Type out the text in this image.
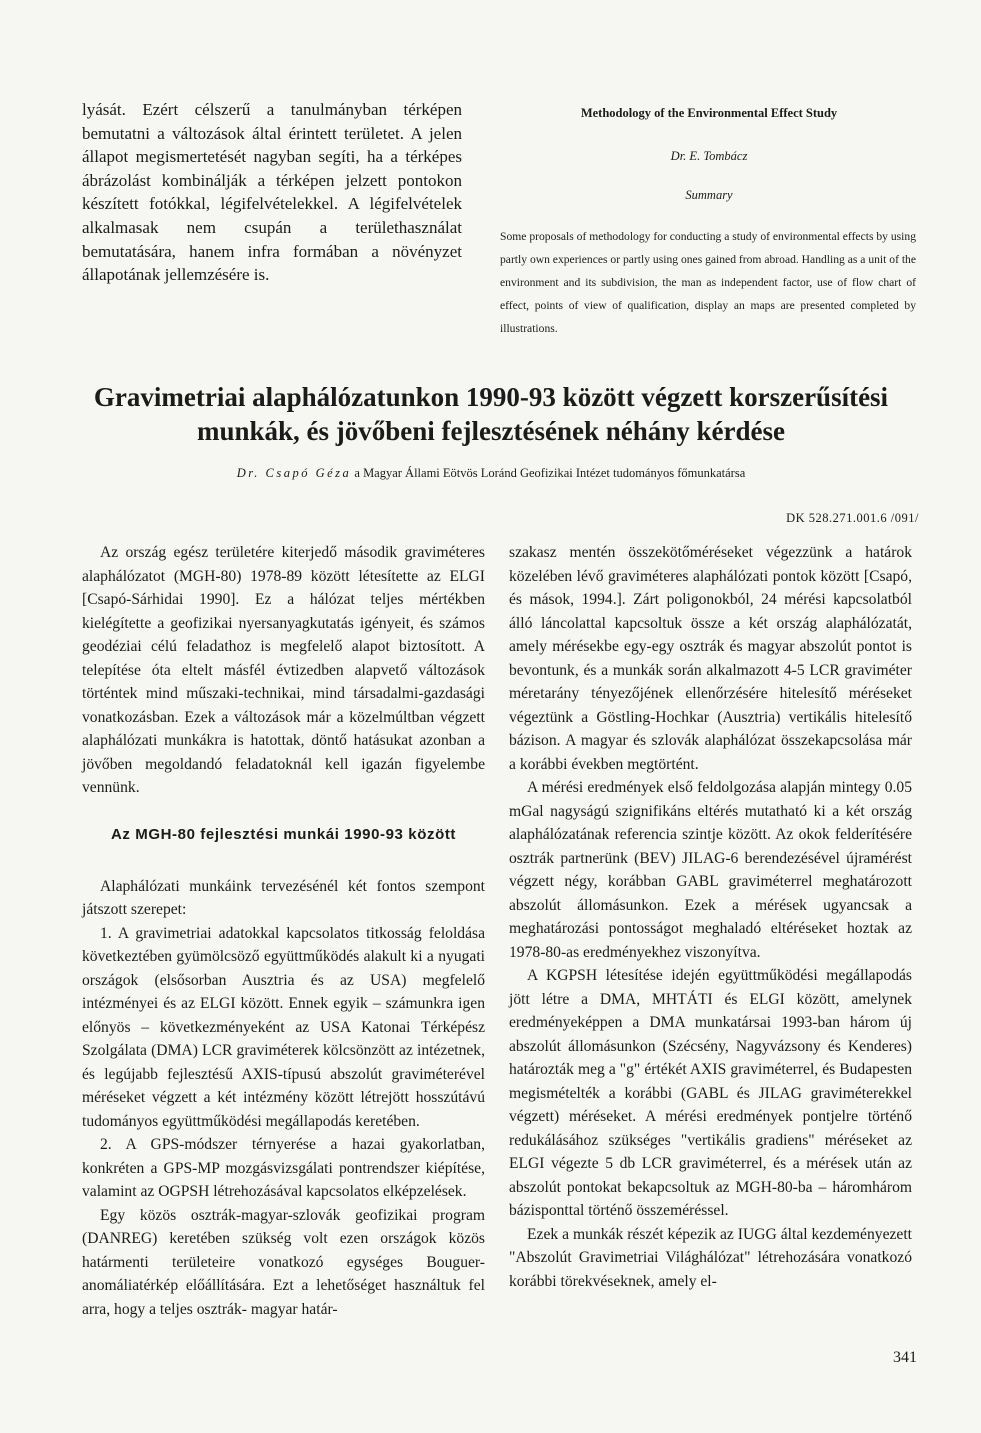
lyását. Ezért célszerű a tanulmányban térképen bemutatni a változások által érintett területet. A jelen állapot megismertetését nagyban segíti, ha a térképes ábrázolást kombinálják a térképen jelzett pontokon készített fotókkal, légifelvételekkel. A légifelvételek alkalmasak nem csupán a területhasználat bemutatására, hanem infra formában a növényzet állapotának jellemzésére is.

Methodology of the Environmental Effect Study

Dr. E. Tombácz

Summary

Some proposals of methodology for conducting a study of environmental effects by using partly own experiences or partly using ones gained from abroad. Handling as a unit of the environment and its subdivision, the man as independent factor, use of flow chart of effect, points of view of qualification, display an maps are presented completed by illustrations.

Gravimetriai alaphálózatunkon 1990-93 között végzett korszerűsítési
munkák, és jövőbeni fejlesztésének néhány kérdése
Dr. Csapó Géza a Magyar Állami Eötvös Loránd Geofizikai Intézet tudományos főmunkatársa
DK 528.271.001.6 /091/

Az ország egész területére kiterjedő második graviméteres alaphálózatot (MGH-80) 1978-89 között létesítette az ELGI [Csapó-Sárhidai 1990]. Ez a hálózat teljes mértékben kielégítette a geofizikai nyersanyagkutatás igényeit, és számos geodéziai célú feladathoz is megfelelő alapot biztosított. A telepítése óta eltelt másfél évtizedben alapvető változások történtek mind műszaki-technikai, mind társadalmi-gazdasági vonatkozásban. Ezek a változások már a közelmúltban végzett alaphálózati munkákra is hatottak, döntő hatásukat azonban a jövőben megoldandó feladatoknál kell igazán figyelembe vennünk.

Az MGH-80 fejlesztési munkái 1990-93 között

Alaphálózati munkáink tervezésénél két fontos szempont játszott szerepet:

1. A gravimetriai adatokkal kapcsolatos titkosság feloldása következtében gyümölcsöző együttműködés alakult ki a nyugati országok (elsősorban Ausztria és az USA) megfelelő intézményei és az ELGI között. Ennek egyik – számunkra igen előnyös – következményeként az USA Katonai Térképész Szolgálata (DMA) LCR graviméterek kölcsönzött az intézetnek, és legújabb fejlesztésű AXIS-típusú abszolút graviméterével méréseket végzett a két intézmény között létrejött hosszútávú tudományos együttműködési megállapodás keretében.

2. A GPS-módszer térnyerése a hazai gyakorlatban, konkréten a GPS-MP mozgásvizsgálati pontrendszer kiépítése, valamint az OGPSH létrehozásával kapcsolatos elképzelések.

Egy közös osztrák-magyar-szlovák geofizikai program (DANREG) keretében szükség volt ezen országok közös határmenti területeire vonatkozó egységes Bouguer- anomáliatérkép előállítására. Ezt a lehetőséget használtuk fel arra, hogy a teljes osztrák- magyar határ-

szakasz mentén összekötőméréseket végezzünk a határok közelében lévő graviméteres alaphálózati pontok között [Csapó, és mások, 1994.]. Zárt poligonokból, 24 mérési kapcsolatból álló láncolattal kapcsoltuk össze a két ország alaphálózatát, amely mérésekbe egy-egy osztrák és magyar abszolút pontot is bevontunk, és a munkák során alkalmazott 4-5 LCR graviméter méretarány tényezőjének ellenőrzésére hitelesítő méréseket végeztünk a Göstling-Hochkar (Ausztria) vertikális hitelesítő bázison. A magyar és szlovák alaphálózat összekapcsolása már a korábbi években megtörtént.

A mérési eredmények első feldolgozása alapján mintegy 0.05 mGal nagyságú szignifikáns eltérés mutatható ki a két ország alaphálózatának referencia szintje között. Az okok felderítésére osztrák partnerünk (BEV) JILAG-6 berendezésével újramérést végzett négy, korábban GABL graviméterrel meghatározott abszolút állomásunkon. Ezek a mérések ugyancsak a meghatározási pontosságot meghaladó eltéréseket hoztak az 1978-80-as eredményekhez viszonyítva.

A KGPSH létesítése idején együttműködési megállapodás jött létre a DMA, MHTÁTI és ELGI között, amelynek eredményeképpen a DMA munkatársai 1993-ban három új abszolút állomásunkon (Szécsény, Nagyvázsony és Kenderes) határozták meg a "g" értékét AXIS graviméterrel, és Budapesten megismételték a korábbi (GABL és JILAG graviméterekkel végzett) méréseket. A mérési eredmények pontjelre történő redukálásához szükséges "vertikális gradiens" méréseket az ELGI végezte 5 db LCR graviméterrel, és a mérések után az abszolút pontokat bekapcsoltuk az MGH-80-ba – háromhárom bázisponttal történő összeméréssel.

Ezek a munkák részét képezik az IUGG által kezdeményezett "Abszolút Gravimetriai Világhálózat" létrehozására vonatkozó korábbi törekvéseknek, amely el-

341
